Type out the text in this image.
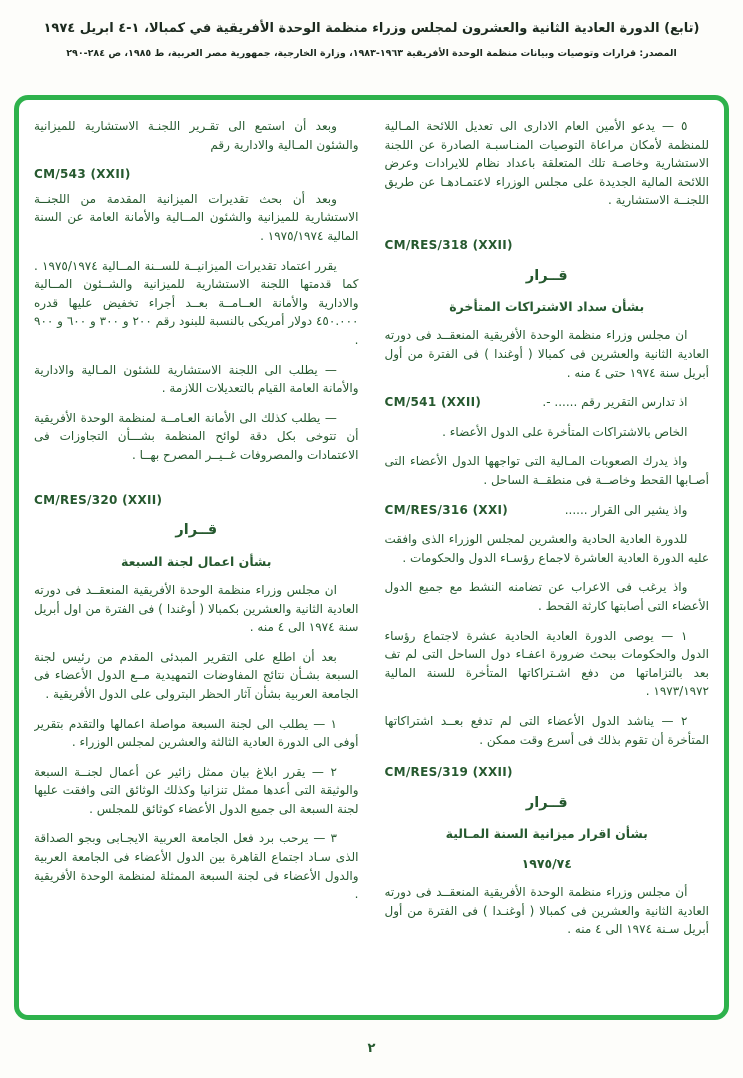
(تابع) الدورة العادية الثانية والعشرون لمجلس وزراء منظمة الوحدة الأفريقية في كمبالا، ١-٤ ابريل ١٩٧٤
المصدر: قرارات وتوصيات وبيانات منظمة الوحدة الأفريقية ١٩٦٣-١٩٨٣، وزارة الخارجية، جمهورية مصر العربية، ط ١٩٨٥، ص ٢٨٤-٢٩٠

٥ — يدعو الأمين العام الادارى الى تعديل اللائحة المـالية للمنظمة لأمكان مراعاة التوصيات المنـاسبـة الصادرة عن اللجنة الاستشارية وخاصـة تلك المتعلقة باعداد نظام للايرادات وعرض اللائحة المالية الجديدة على مجلس الوزراء لاعتمـادهـا عن طريق اللجنــة الاستشارية .

CM/RES/318 (XXII)

قــرار
بشأن سداد الاشتراكات المتأخرة

ان مجلس وزراء منظمة الوحدة الأفريقية المنعقــد فى دورته العادية الثانية والعشرين فى كمبالا ( أوغندا ) فى الفترة من أول أبريل سنة ١٩٧٤ حتى ٤ منه .

اذ تدارس التقرير رقم ...... -.
CM/541 (XXII)

الخاص بالاشتراكات المتأخرة على الدول الأعضاء .

واذ يدرك الصعوبات المـالية التى تواجهها الدول الأعضاء التى أصـابها القحط وخاصــة فى منطقــة الساحل .

واذ يشير الى القرار ......
CM/RES/316 (XXI)

للدورة العادية الحادية والعشرين لمجلس الوزراء الذى وافقت عليه الدورة العادية العاشرة لاجماع رؤسـاء الدول والحكومات .

واذ يرغب فى الاعراب عن تضامنه النشط مع جميع الدول الأعضاء التى أصابتها كارثة القحط .

١ — يوصى الدورة العادية الحادية عشرة لاجتماع رؤساء الدول والحكومات ببحث ضرورة اعفـاء دول الساحل التى لم تف بعد بالتزاماتها من دفع اشـتراكاتها المتأخرة للسنة المالية ١٩٧٣/١٩٧٢ .

٢ — يناشد الدول الأعضاء التى لم تدفع بعــد اشتراكاتها المتأخرة أن تقوم بذلك فى أسرع وقت ممكن .

CM/RES/319 (XXII)

قــرار
بشأن اقرار ميزانية السنة المـالية
١٩٧٥/٧٤

أن مجلس وزراء منظمة الوحدة الأفريقية المنعقــد فى دورته العادية الثانية والعشرين فى كمبالا ( أوغنـدا ) فى الفترة من أول أبريل سـنة ١٩٧٤ الى ٤ منه .

وبعد أن استمع الى تقـرير اللجنـة الاستشارية للميزانية والشئون المـالية والادارية رقم

CM/543 (XXII)

وبعد أن بحث تقديرات الميزانية المقدمة من اللجنــة الاستشارية للميزانية والشئون المــالية والأمانة العامة عن السنة المالية ١٩٧٥/١٩٧٤ .

يقرر اعتماد تقديرات الميزانيــة للســنة المــالية ١٩٧٥/١٩٧٤ . كما قدمتها اللجنة الاستشارية للميزانية والشــئون المــالية والادارية والأمانة العــامــة بعــد أجراء تخفيض عليها قدره ٤٥٠.٠٠٠ دولار أمريكى بالنسبة للبنود رقم ٢٠٠ و ٣٠٠ و ٦٠٠ و ٩٠٠ .

— يطلب الى اللجنة الاستشارية للشئون المـالية والادارية والأمانة العامة القيام بالتعديلات اللازمة .

— يطلب كذلك الى الأمانة العـامــة لمنظمة الوحدة الأفريقية أن تتوخى بكل دقة لوائح المنظمة بشـــأن التجاوزات فى الاعتمادات والمصروفات غــيــر المصرح بهــا .

CM/RES/320 (XXII)

قــرار
بشأن اعمال لجنة السبعة

ان مجلس وزراء منظمة الوحدة الأفريقية المنعقــد فى دورته العادية الثانية والعشرين بكمبالا ( أوغندا ) فى الفترة من اول أبريل سنة ١٩٧٤ الى ٤ منه .

بعد أن اطلع على التقرير المبدئى المقدم من رئيس لجنة السبعة بشـأن نتائج المفاوضات التمهيدية مــع الدول الأعضاء فى الجامعة العربية بشأن آثار الحظر البترولى على الدول الأفريقية .

١ — يطلب الى لجنة السبعة مواصلة اعمالها والتقدم بتقرير أوفى الى الدورة العادية الثالثة والعشرين لمجلس الوزراء .

٢ — يقرر ابلاغ بيان ممثل زائير عن أعمال لجنــة السبعة والوثيقة التى أعدها ممثل تنزانيا وكذلك الوثائق التى وافقت عليها لجنة السبعة الى جميع الدول الأعضاء كوثائق للمجلس .

٣ — يرحب برد فعل الجامعة العربية الايجـابى وبجو الصداقة الذى سـاد اجتماع القاهرة بين الدول الأعضاء فى الجامعة العربية والدول الأعضاء فى لجنة السبعة الممثلة لمنظمة الوحدة الأفريقية .

٢
